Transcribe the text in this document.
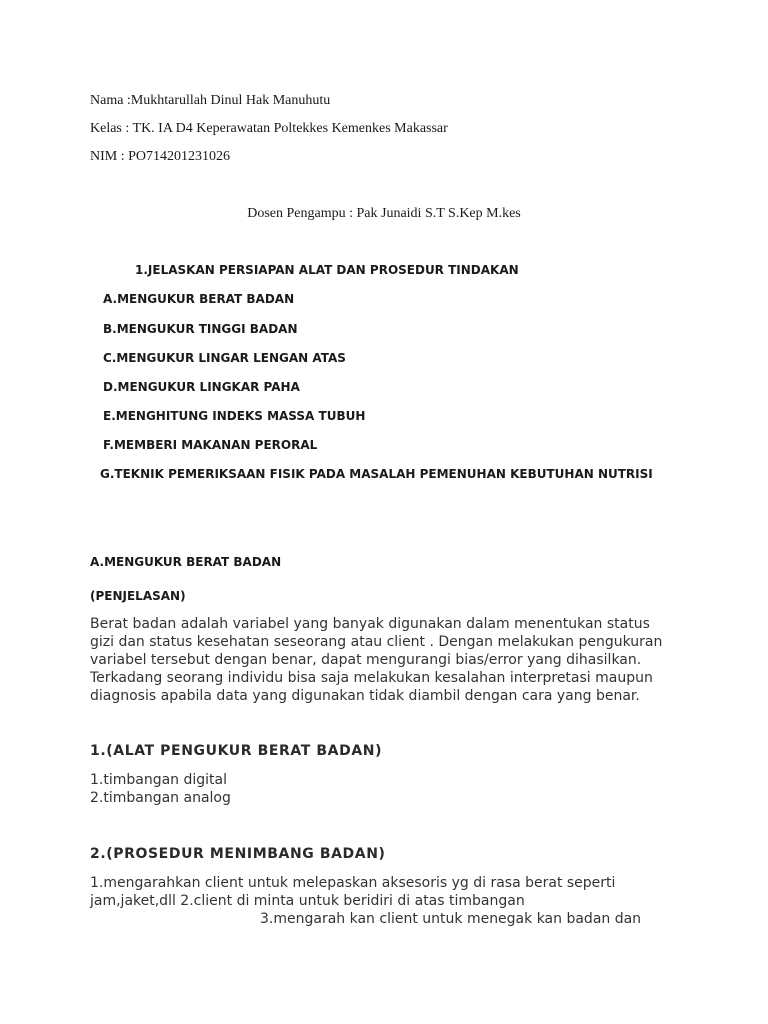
Nama :Mukhtarullah Dinul Hak Manuhutu
Kelas : TK. IA D4 Keperawatan Poltekkes Kemenkes Makassar
NIM : PO714201231026
Dosen Pengampu : Pak Junaidi S.T S.Kep M.kes
1.JELASKAN PERSIAPAN ALAT DAN PROSEDUR TINDAKAN
A.MENGUKUR BERAT BADAN
B.MENGUKUR TINGGI BADAN
C.MENGUKUR LINGAR LENGAN ATAS
D.MENGUKUR LINGKAR PAHA
E.MENGHITUNG INDEKS MASSA TUBUH
F.MEMBERI MAKANAN PERORAL
G.TEKNIK PEMERIKSAAN FISIK PADA MASALAH PEMENUHAN KEBUTUHAN NUTRISI
A.MENGUKUR BERAT BADAN
(PENJELASAN)
Berat badan adalah variabel yang banyak digunakan dalam menentukan status
gizi dan status kesehatan seseorang atau client . Dengan melakukan pengukuran
variabel tersebut dengan benar, dapat mengurangi bias/error yang dihasilkan.
Terkadang seorang individu bisa saja melakukan kesalahan interpretasi maupun
diagnosis apabila data yang digunakan tidak diambil dengan cara yang benar.
1.(ALAT PENGUKUR BERAT BADAN)
1.timbangan digital
2.timbangan analog
2.(PROSEDUR MENIMBANG BADAN)
1.mengarahkan client untuk melepaskan aksesoris yg di rasa berat seperti
jam,jaket,dll 2.client di minta untuk beridiri di atas timbangan
3.mengarah kan client untuk menegak kan badan dan
